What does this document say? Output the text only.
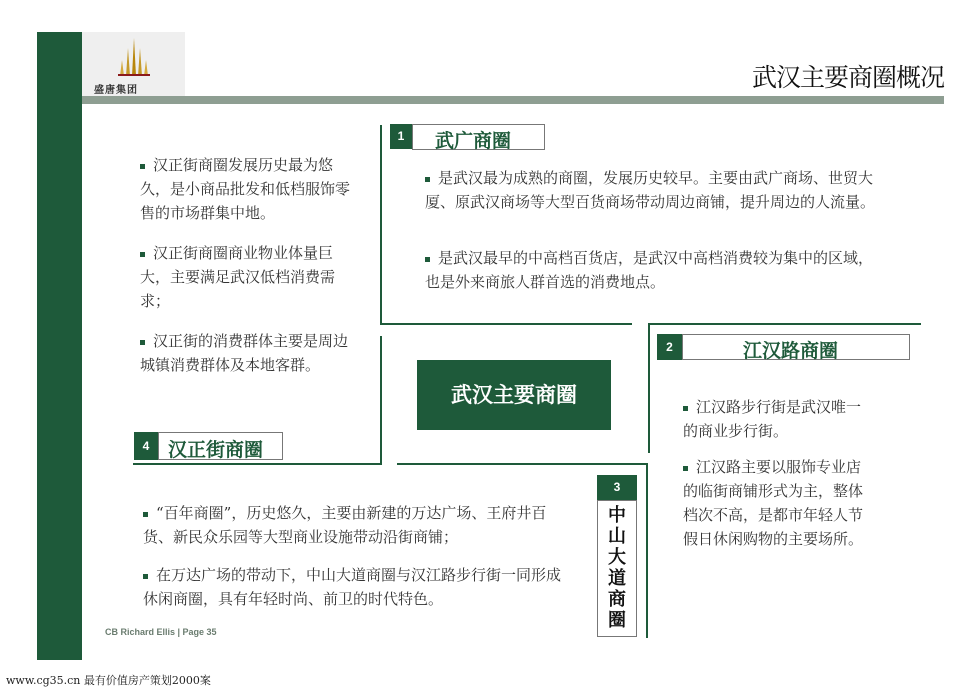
盛唐集团	武汉主要商圈概况
武汉主要商圈
1	武广商圈
是武汉最为成熟的商圈，发展历史较早。主要由武广商场、世贸大厦、原武汉商场等大型百货商场带动周边商铺，提升周边的人流量。
是武汉最早的中高档百货店，是武汉中高档消费较为集中的区域，也是外来商旅人群首选的消费地点。
2	江汉路商圈
江汉路步行街是武汉唯一的商业步行街。
江汉路主要以服饰专业店的临街商铺形式为主，整体档次不高，是都市年轻人节假日休闲购物的主要场所。
3
中山大道商圈
“百年商圈”，历史悠久，主要由新建的万达广场、王府井百货、新民众乐园等大型商业设施带动沿街商铺；
在万达广场的带动下，中山大道商圈与汉江路步行街一同形成休闲商圈，具有年轻时尚、前卫的时代特色。
汉正街商圈发展历史最为悠久，是小商品批发和低档服饰零售的市场群集中地。
汉正街商圈商业物业体量巨大，主要满足武汉低档消费需求；
汉正街的消费群体主要是周边城镇消费群体及本地客群。
4 汉正街商圈
CB Richard Ellis | Page 35
www.cg35.cn 最有价值房产策划2000案
